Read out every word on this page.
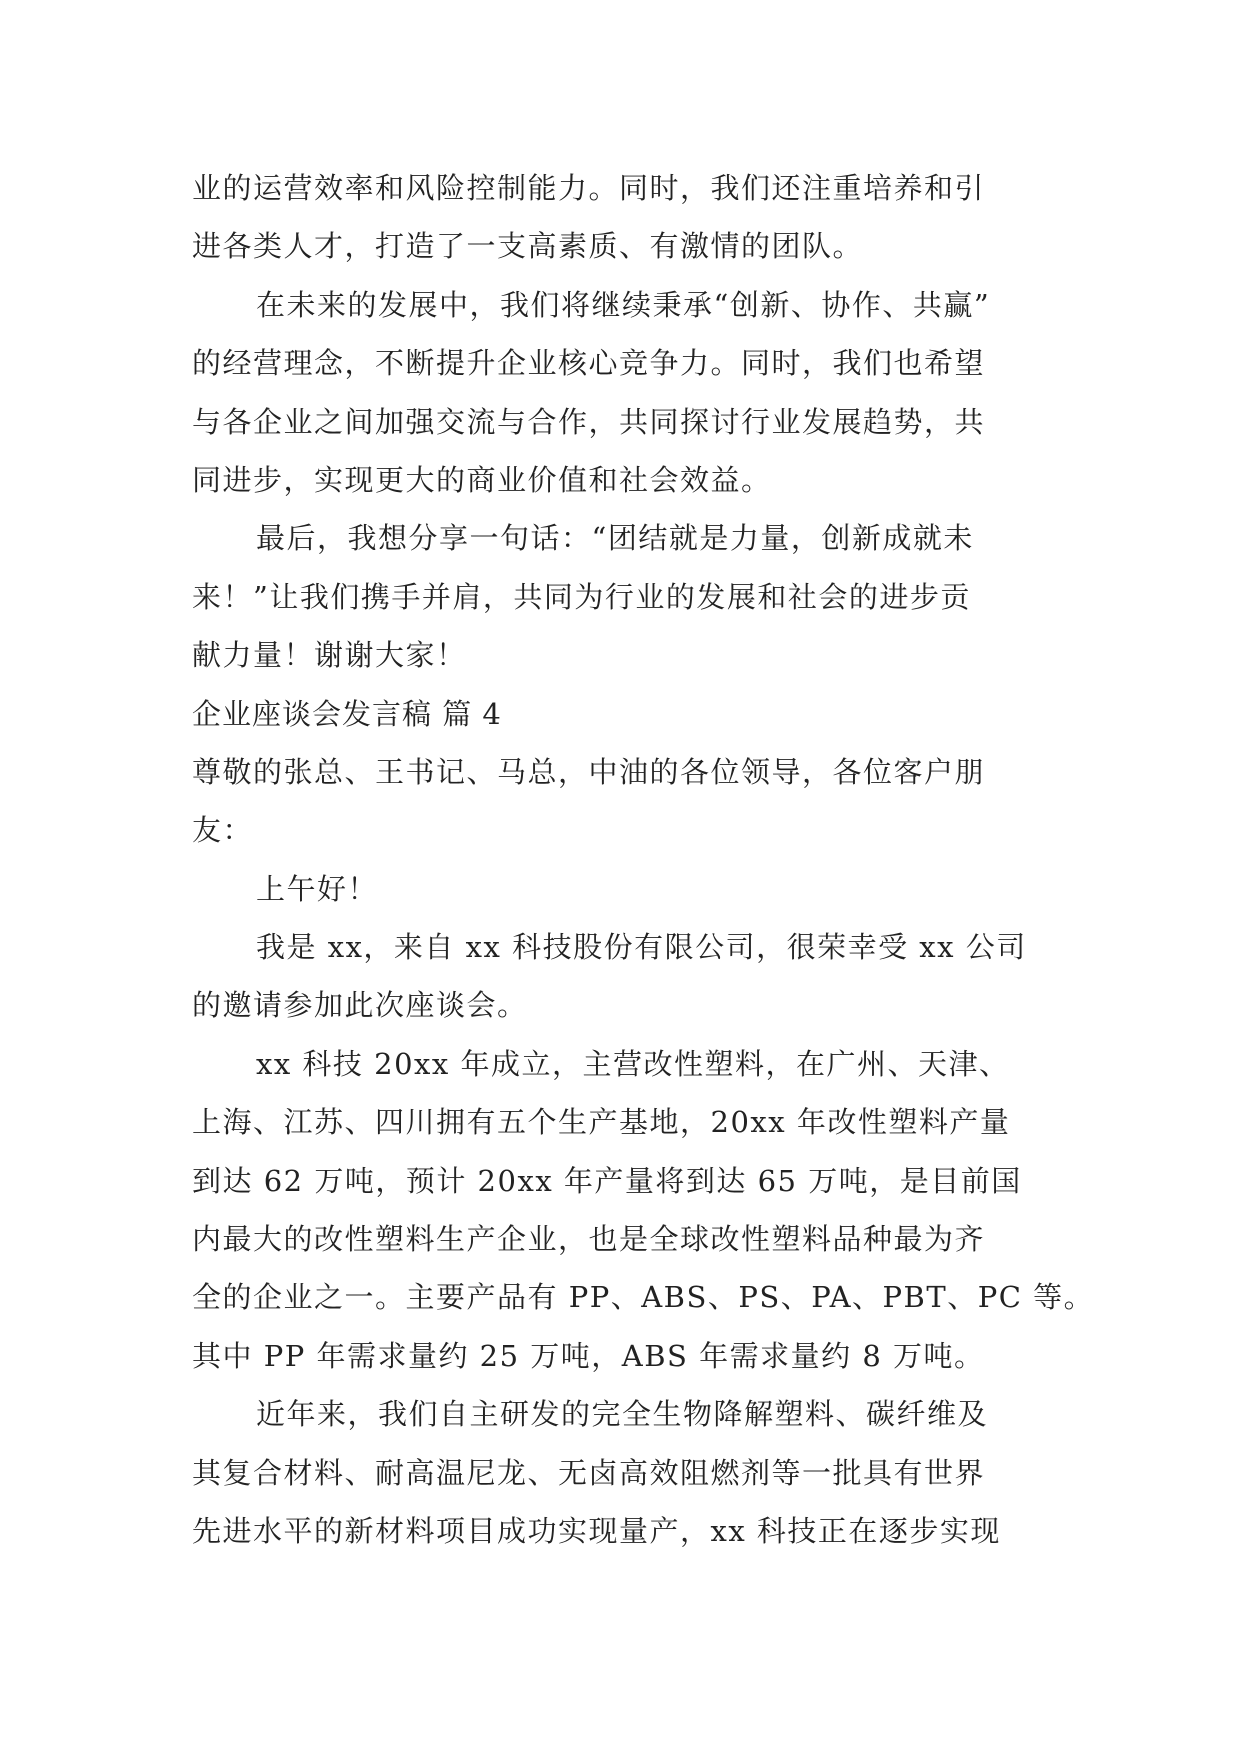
业的运营效率和风险控制能力。同时，我们还注重培养和引
进各类人才，打造了一支高素质、有激情的团队。
在未来的发展中，我们将继续秉承“创新、协作、共赢”
的经营理念，不断提升企业核心竞争力。同时，我们也希望
与各企业之间加强交流与合作，共同探讨行业发展趋势，共
同进步，实现更大的商业价值和社会效益。
最后，我想分享一句话：“团结就是力量，创新成就未
来！”让我们携手并肩，共同为行业的发展和社会的进步贡
献力量！谢谢大家！
企业座谈会发言稿 篇 4
尊敬的张总、王书记、马总，中油的各位领导，各位客户朋
友：
上午好！
我是 xx，来自 xx 科技股份有限公司，很荣幸受 xx 公司
的邀请参加此次座谈会。
xx 科技 20xx 年成立，主营改性塑料，在广州、天津、
上海、江苏、四川拥有五个生产基地，20xx 年改性塑料产量
到达 62 万吨，预计 20xx 年产量将到达 65 万吨，是目前国
内最大的改性塑料生产企业，也是全球改性塑料品种最为齐
全的企业之一。主要产品有 PP、ABS、PS、PA、PBT、PC 等。
其中 PP 年需求量约 25 万吨，ABS 年需求量约 8 万吨。
近年来，我们自主研发的完全生物降解塑料、碳纤维及
其复合材料、耐高温尼龙、无卤高效阻燃剂等一批具有世界
先进水平的新材料项目成功实现量产，xx 科技正在逐步实现
